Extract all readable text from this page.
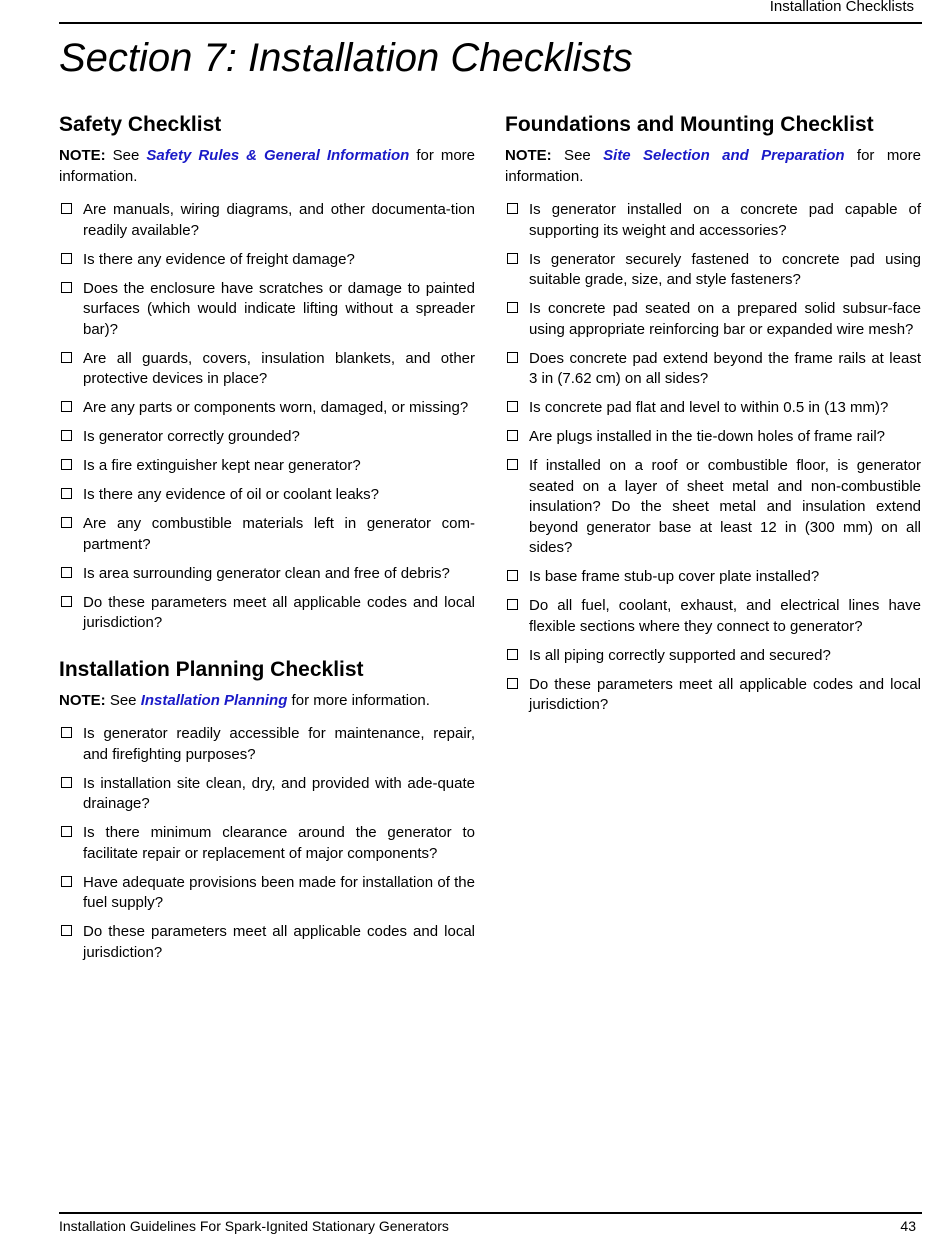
Installation Checklists
Section 7: Installation Checklists
Safety Checklist

NOTE: See Safety Rules & General Information for more information.

Are manuals, wiring diagrams, and other documenta-tion readily available?
Is there any evidence of freight damage?
Does the enclosure have scratches or damage to painted surfaces (which would indicate lifting without a spreader bar)?
Are all guards, covers, insulation blankets, and other protective devices in place?
Are any parts or components worn, damaged, or missing?
Is generator correctly grounded?
Is a fire extinguisher kept near generator?
Is there any evidence of oil or coolant leaks?
Are any combustible materials left in generator com-partment?
Is area surrounding generator clean and free of debris?
Do these parameters meet all applicable codes and local jurisdiction?
Installation Planning Checklist

NOTE: See Installation Planning for more information.

Is generator readily accessible for maintenance, repair, and firefighting purposes?
Is installation site clean, dry, and provided with ade-quate drainage?
Is there minimum clearance around the generator to facilitate repair or replacement of major components?
Have adequate provisions been made for installation of the fuel supply?
Do these parameters meet all applicable codes and local jurisdiction?
Foundations and Mounting Checklist

NOTE: See Site Selection and Preparation for more information.

Is generator installed on a concrete pad capable of supporting its weight and accessories?
Is generator securely fastened to concrete pad using suitable grade, size, and style fasteners?
Is concrete pad seated on a prepared solid subsur-face using appropriate reinforcing bar or expanded wire mesh?
Does concrete pad extend beyond the frame rails at least 3 in (7.62 cm) on all sides?
Is concrete pad flat and level to within 0.5 in (13 mm)?
Are plugs installed in the tie-down holes of frame rail?
If installed on a roof or combustible floor, is generator seated on a layer of sheet metal and non-combustible insulation? Do the sheet metal and insulation extend beyond generator base at least 12 in (300 mm) on all sides?
Is base frame stub-up cover plate installed?
Do all fuel, coolant, exhaust, and electrical lines have flexible sections where they connect to generator?
Is all piping correctly supported and secured?
Do these parameters meet all applicable codes and local jurisdiction?
Installation Guidelines For Spark-Ignited Stationary Generators	43
